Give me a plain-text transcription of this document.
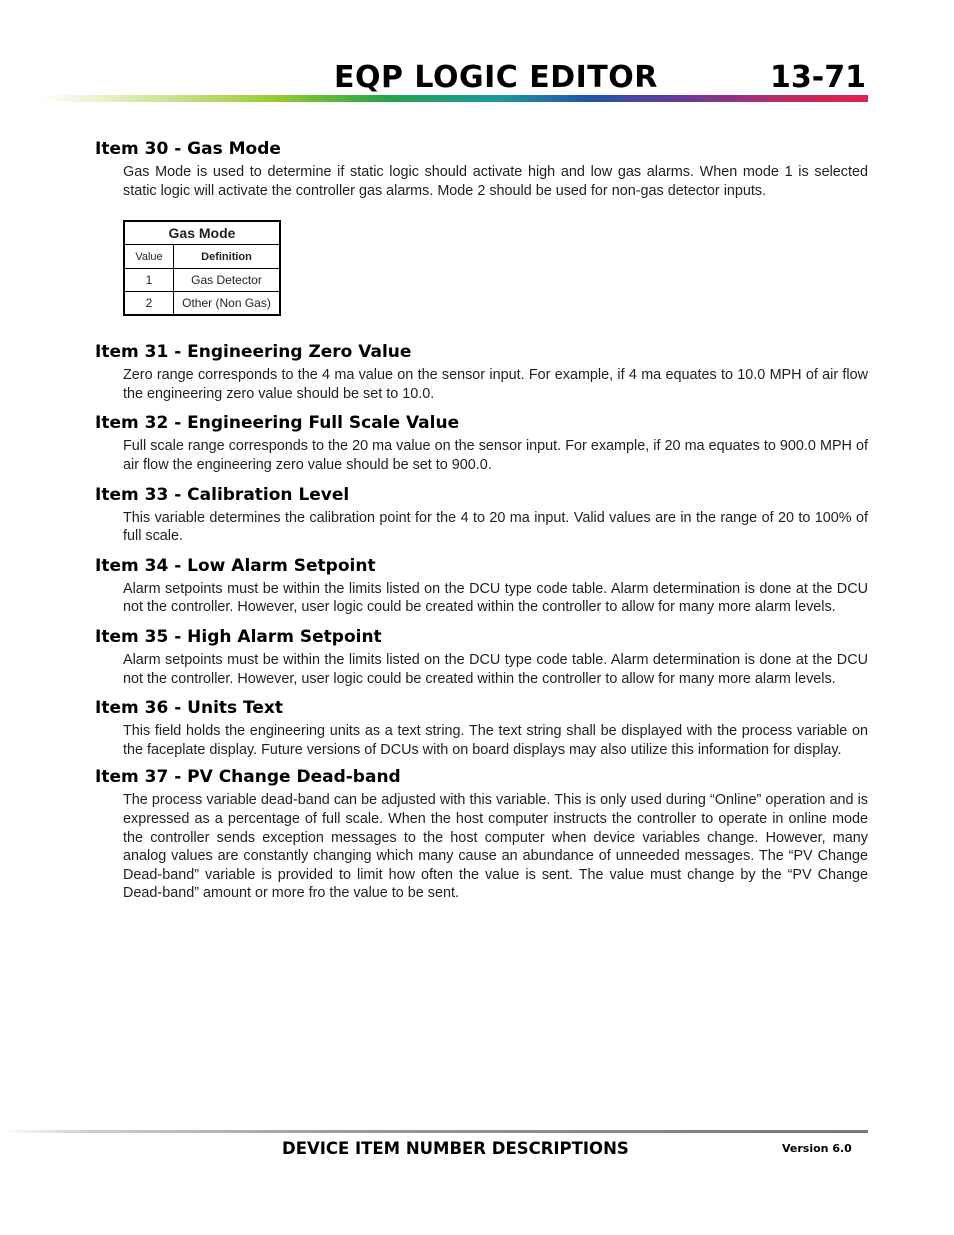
EQP LOGIC EDITOR	13-71
Item 30 - Gas Mode

Gas Mode is used to determine if static logic should activate high and low gas alarms. When mode 1 is selected static logic will activate the controller gas alarms. Mode 2 should be used for non-gas detector inputs.

Gas Mode	
Value	Definition
1	Gas Detector
2	Other (Non Gas)
Item 31 - Engineering Zero Value

Zero range corresponds to the 4 ma value on the sensor input. For example, if 4 ma equates to 10.0 MPH of air flow the engineering zero value should be set to 10.0.

Item 32 - Engineering Full Scale Value

Full scale range corresponds to the 20 ma value on the sensor input. For example, if 20 ma equates to 900.0 MPH of air flow the engineering zero value should be set to 900.0.

Item 33 - Calibration Level

This variable determines the calibration point for the 4 to 20 ma input. Valid values are in the range of 20 to 100% of full scale.

Item 34 - Low Alarm Setpoint

Alarm setpoints must be within the limits listed on the DCU type code table. Alarm determination is done at the DCU not the controller. However, user logic could be created within the controller to allow for many more alarm levels.

Item 35 - High Alarm Setpoint

Alarm setpoints must be within the limits listed on the DCU type code table. Alarm determination is done at the DCU not the controller. However, user logic could be created within the controller to allow for many more alarm levels.

Item 36 - Units Text

This field holds the engineering units as a text string. The text string shall be displayed with the process variable on the faceplate display. Future versions of DCUs with on board displays may also utilize this information for display.

Item 37 - PV Change Dead-band

The process variable dead-band can be adjusted with this variable. This is only used during “Online” operation and is expressed as a percentage of full scale. When the host computer instructs the controller to operate in online mode the controller sends exception messages to the host computer when device variables change. However, many analog values are constantly changing which many cause an abundance of unneeded messages. The “PV Change Dead-band” variable is provided to limit how often the value is sent. The value must change by the “PV Change Dead-band” amount or more fro the value to be sent.

DEVICE ITEM NUMBER DESCRIPTIONS	Version 6.0
